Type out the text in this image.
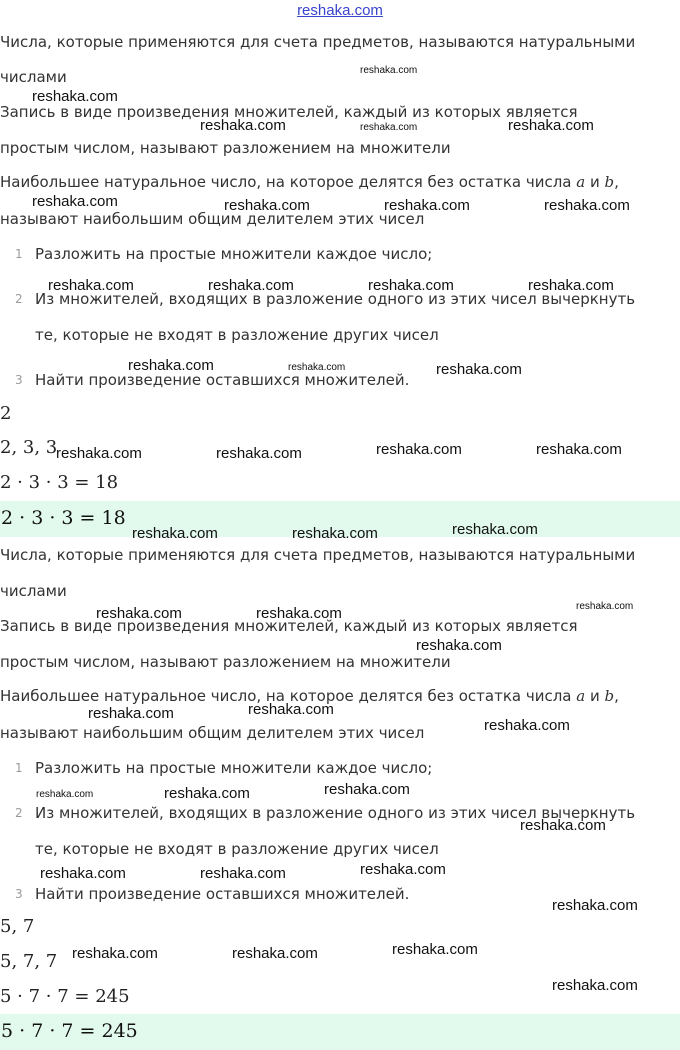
reshaka.com
Числа, которые применяются для счета предметов, называются натуральными
числами
Запись в виде произведения множителей, каждый из которых является
простым числом, называют разложением на множители
Наибольшее натуральное число, на которое делятся без остатка числа a и b,
называют наибольшим общим делителем этих чисел
1 Разложить на простые множители каждое число;
2 Из множителей, входящих в разложение одного из этих чисел вычеркнуть
те, которые не входят в разложение других чисел
3 Найти произведение оставшихся множителей.
2
2, 3, 3
2 · 3 · 3 = 18
2 · 3 · 3 = 18
Числа, которые применяются для счета предметов, называются натуральными
числами
Запись в виде произведения множителей, каждый из которых является
простым числом, называют разложением на множители
Наибольшее натуральное число, на которое делятся без остатка числа a и b,
называют наибольшим общим делителем этих чисел
1 Разложить на простые множители каждое число;
2 Из множителей, входящих в разложение одного из этих чисел вычеркнуть
те, которые не входят в разложение других чисел
3 Найти произведение оставшихся множителей.
5, 7
5, 7, 7
5 · 7 · 7 = 245
5 · 7 · 7 = 245
reshaka.com
reshaka.com
reshaka.com	reshaka.com	reshaka.com
reshaka.com	reshaka.com	reshaka.com	reshaka.com
reshaka.com	reshaka.com	reshaka.com	reshaka.com
reshaka.com	reshaka.com	reshaka.com
reshaka.com	reshaka.com	reshaka.com	reshaka.com
reshaka.com	reshaka.com	reshaka.com
reshaka.com	reshaka.com	reshaka.com
reshaka.com
reshaka.com	reshaka.com
reshaka.com
reshaka.com	reshaka.com	reshaka.com
reshaka.com
reshaka.com	reshaka.com	reshaka.com
reshaka.com
reshaka.com	reshaka.com	reshaka.com
reshaka.com
